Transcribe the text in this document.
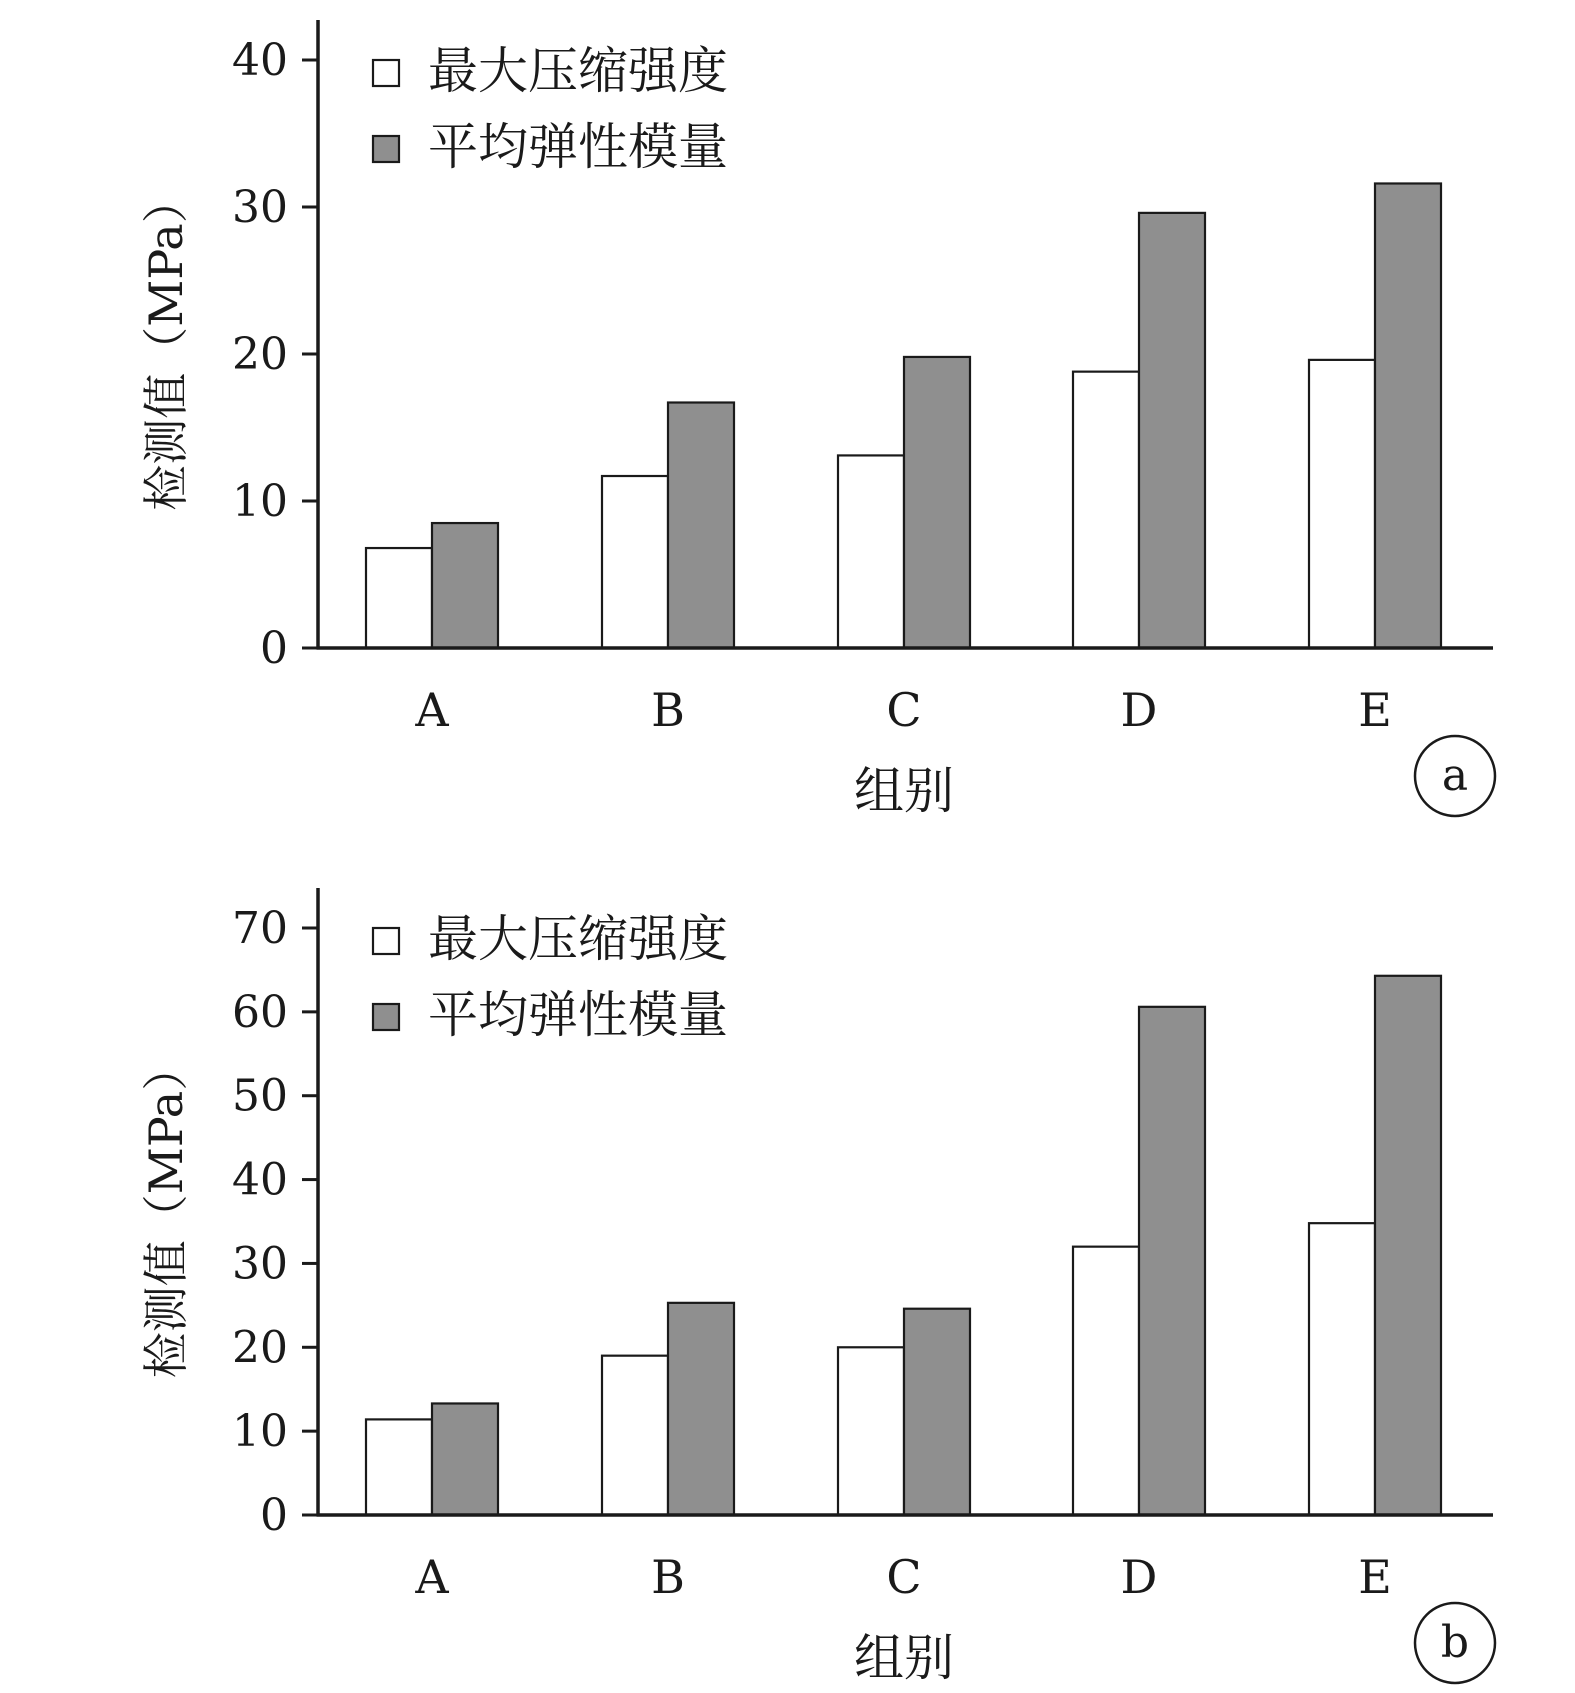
A	B	C	D	E
0
10
20
30
40
检测值（MPa）
组别	a
最大压缩强度
平均弹性模量
A	B	C	D	E
0
10
20
30
40
50
60
70
检测值（MPa）
组别	b
最大压缩强度
平均弹性模量
